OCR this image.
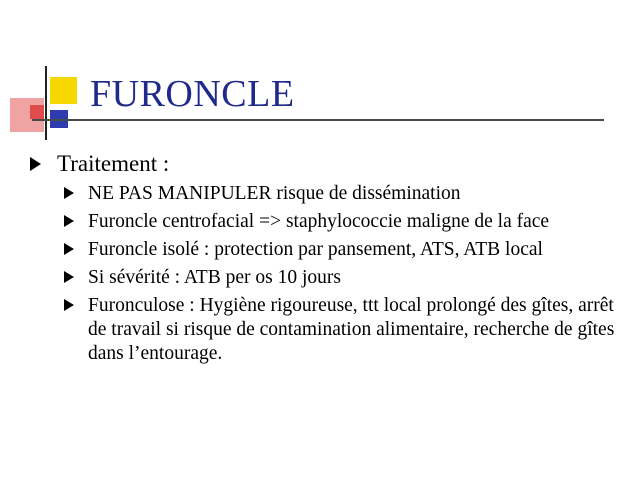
FURONCLE
Traitement :
NE PAS MANIPULER risque de dissémination
Furoncle centrofacial => staphylococcie maligne de la face
Furoncle isolé : protection par pansement, ATS, ATB local
Si sévérité : ATB per os 10 jours
Furonculose : Hygiène rigoureuse, ttt local prolongé des gîtes, arrêt de travail si risque de contamination alimentaire, recherche de gîtes dans l’entourage.
